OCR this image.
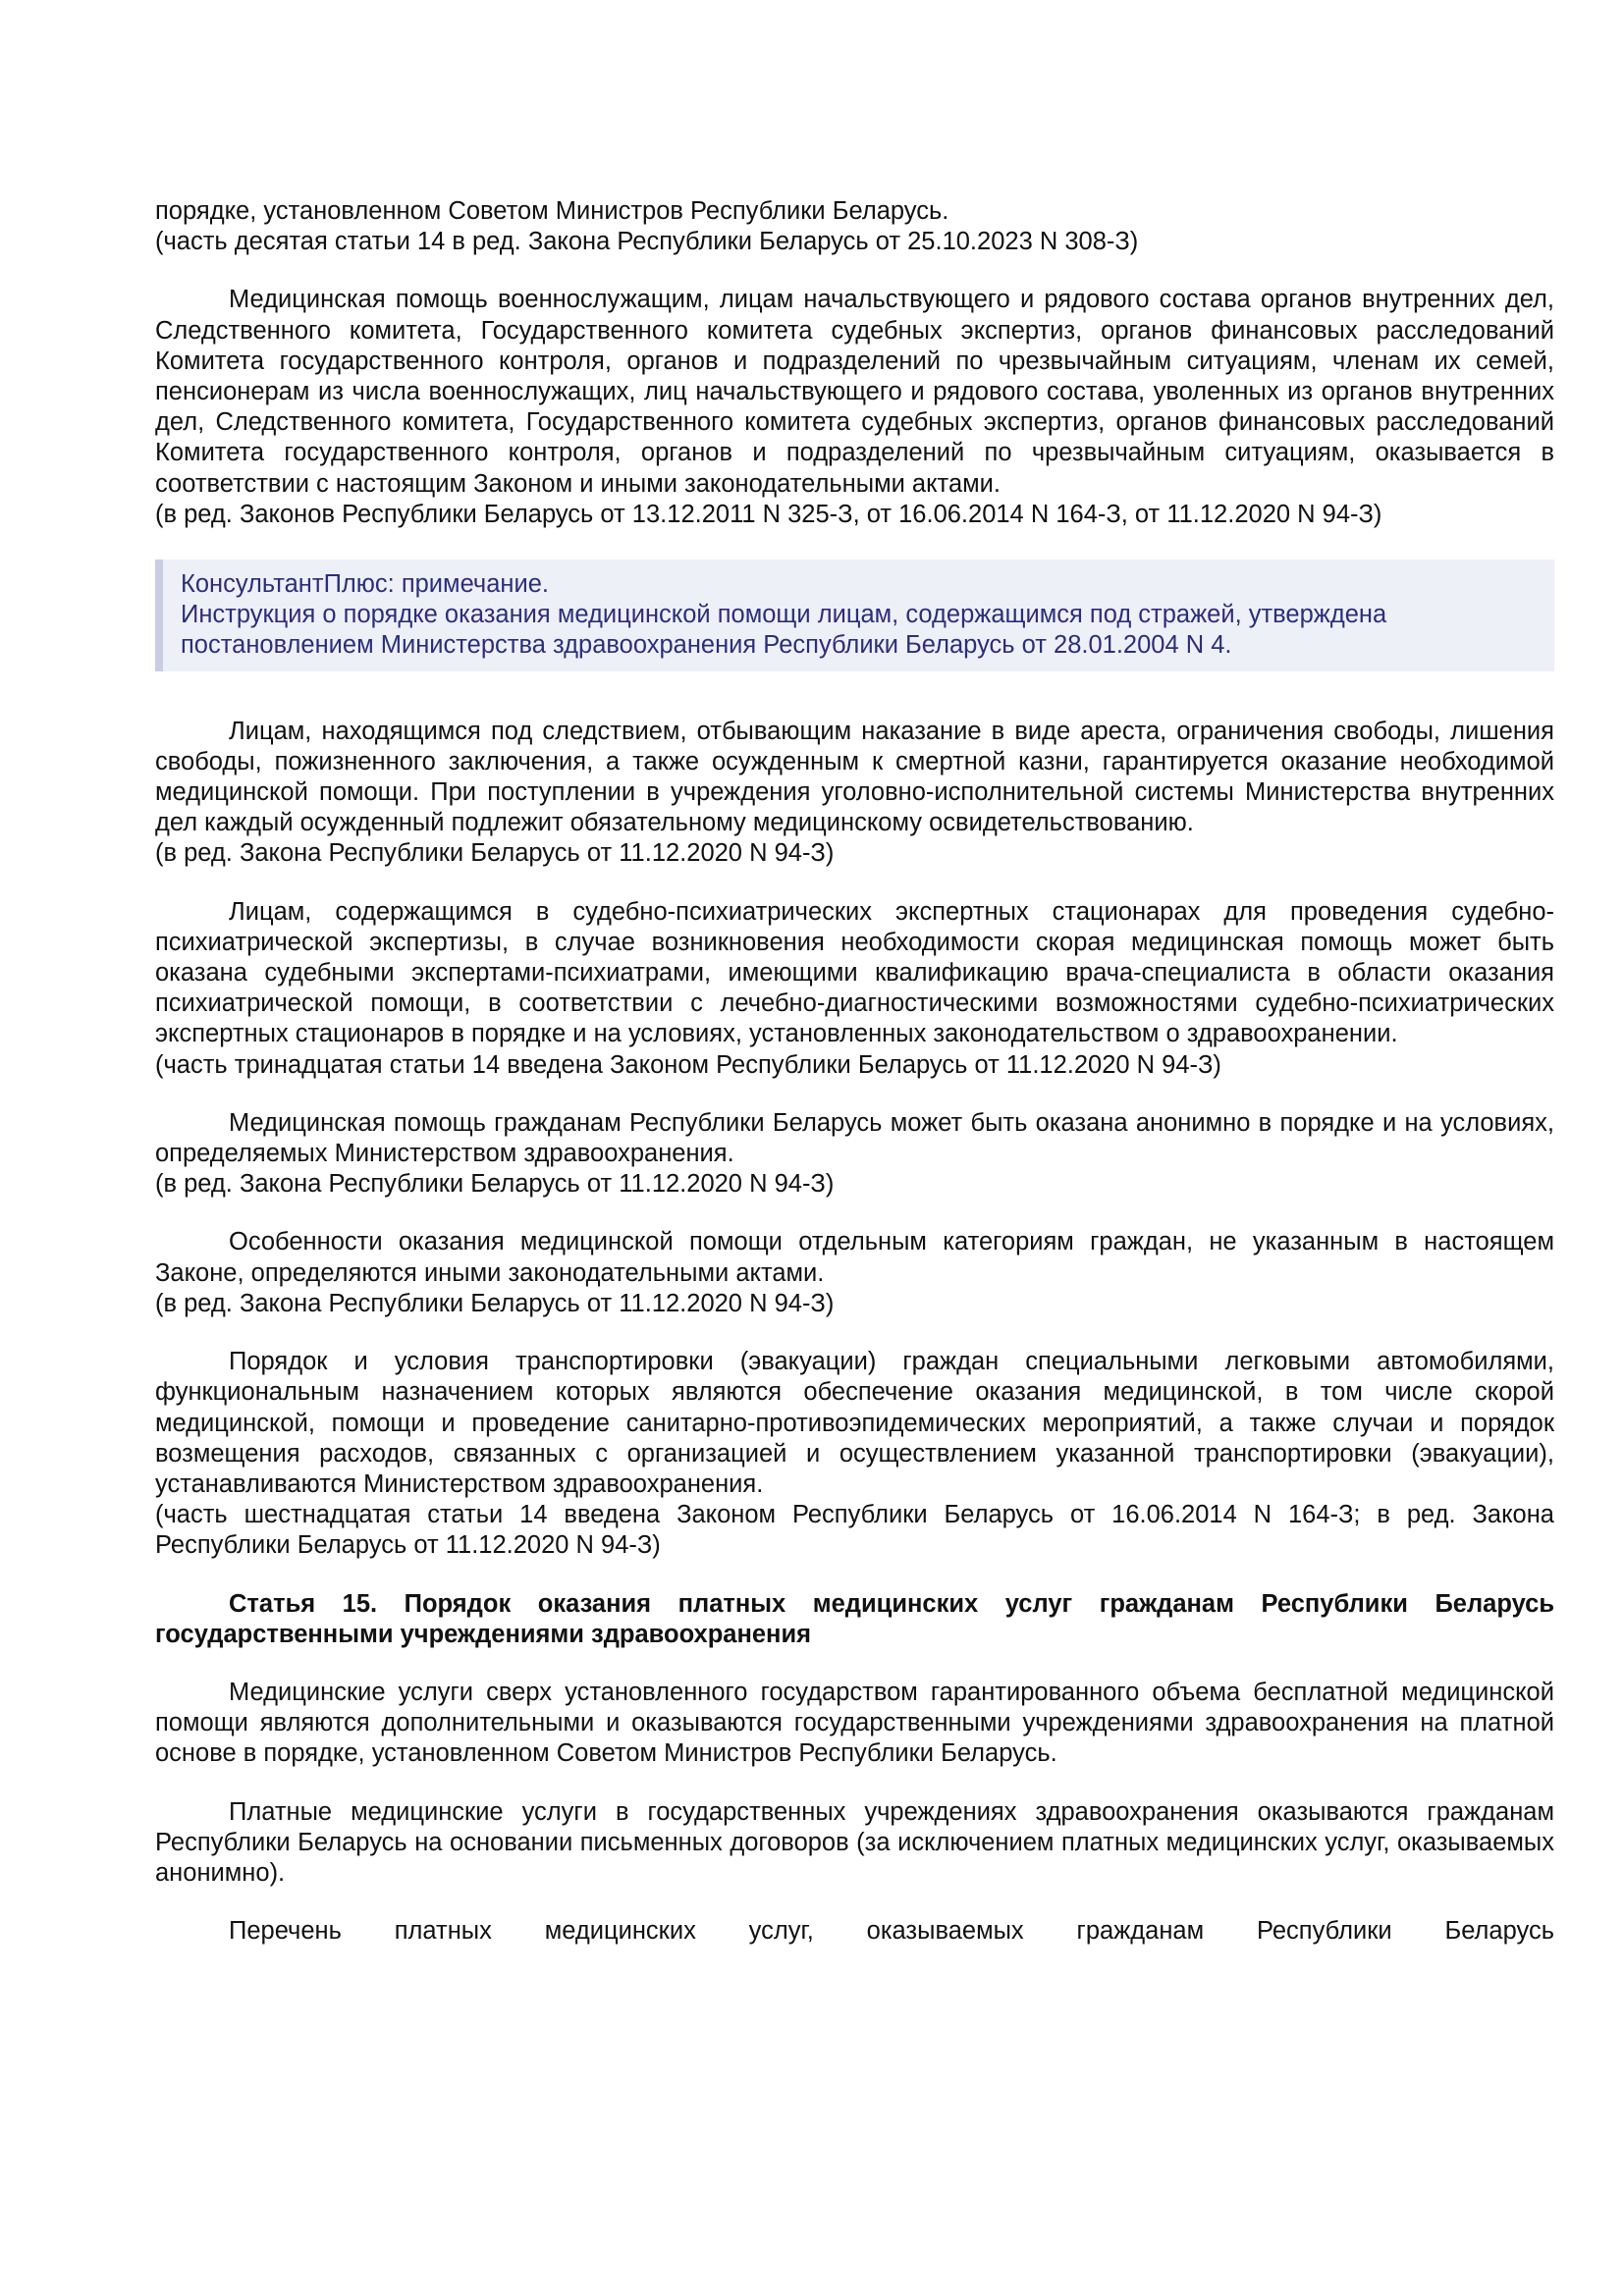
порядке, установленном Советом Министров Республики Беларусь.

(часть десятая статьи 14 в ред. Закона Республики Беларусь от 25.10.2023 N 308-З)

Медицинская помощь военнослужащим, лицам начальствующего и рядового состава органов внутренних дел, Следственного комитета, Государственного комитета судебных экспертиз, органов финансовых расследований Комитета государственного контроля, органов и подразделений по чрезвычайным ситуациям, членам их семей, пенсионерам из числа военнослужащих, лиц начальствующего и рядового состава, уволенных из органов внутренних дел, Следственного комитета, Государственного комитета судебных экспертиз, органов финансовых расследований Комитета государственного контроля, органов и подразделений по чрезвычайным ситуациям, оказывается в соответствии с настоящим Законом и иными законодательными актами.

(в ред. Законов Республики Беларусь от 13.12.2011 N 325-З, от 16.06.2014 N 164-З, от 11.12.2020 N 94-З)

КонсультантПлюс: примечание.
Инструкция о порядке оказания медицинской помощи лицам, содержащимся под стражей, утверждена постановлением Министерства здравоохранения Республики Беларусь от 28.01.2004 N 4.

Лицам, находящимся под следствием, отбывающим наказание в виде ареста, ограничения свободы, лишения свободы, пожизненного заключения, а также осужденным к смертной казни, гарантируется оказание необходимой медицинской помощи. При поступлении в учреждения уголовно-исполнительной системы Министерства внутренних дел каждый осужденный подлежит обязательному медицинскому освидетельствованию.

(в ред. Закона Республики Беларусь от 11.12.2020 N 94-З)

Лицам, содержащимся в судебно-психиатрических экспертных стационарах для проведения судебно-психиатрической экспертизы, в случае возникновения необходимости скорая медицинская помощь может быть оказана судебными экспертами-психиатрами, имеющими квалификацию врача-специалиста в области оказания психиатрической помощи, в соответствии с лечебно-диагностическими возможностями судебно-психиатрических экспертных стационаров в порядке и на условиях, установленных законодательством о здравоохранении.

(часть тринадцатая статьи 14 введена Законом Республики Беларусь от 11.12.2020 N 94-З)

Медицинская помощь гражданам Республики Беларусь может быть оказана анонимно в порядке и на условиях, определяемых Министерством здравоохранения.

(в ред. Закона Республики Беларусь от 11.12.2020 N 94-З)

Особенности оказания медицинской помощи отдельным категориям граждан, не указанным в настоящем Законе, определяются иными законодательными актами.

(в ред. Закона Республики Беларусь от 11.12.2020 N 94-З)

Порядок и условия транспортировки (эвакуации) граждан специальными легковыми автомобилями, функциональным назначением которых являются обеспечение оказания медицинской, в том числе скорой медицинской, помощи и проведение санитарно-противоэпидемических мероприятий, а также случаи и порядок возмещения расходов, связанных с организацией и осуществлением указанной транспортировки (эвакуации), устанавливаются Министерством здравоохранения.

(часть шестнадцатая статьи 14 введена Законом Республики Беларусь от 16.06.2014 N 164-З; в ред. Закона Республики Беларусь от 11.12.2020 N 94-З)

Статья 15. Порядок оказания платных медицинских услуг гражданам Республики Беларусь государственными учреждениями здравоохранения

Медицинские услуги сверх установленного государством гарантированного объема бесплатной медицинской помощи являются дополнительными и оказываются государственными учреждениями здравоохранения на платной основе в порядке, установленном Советом Министров Республики Беларусь.

Платные медицинские услуги в государственных учреждениях здравоохранения оказываются гражданам Республики Беларусь на основании письменных договоров (за исключением платных медицинских услуг, оказываемых анонимно).

Перечень платных медицинских услуг, оказываемых гражданам Республики Беларусь
